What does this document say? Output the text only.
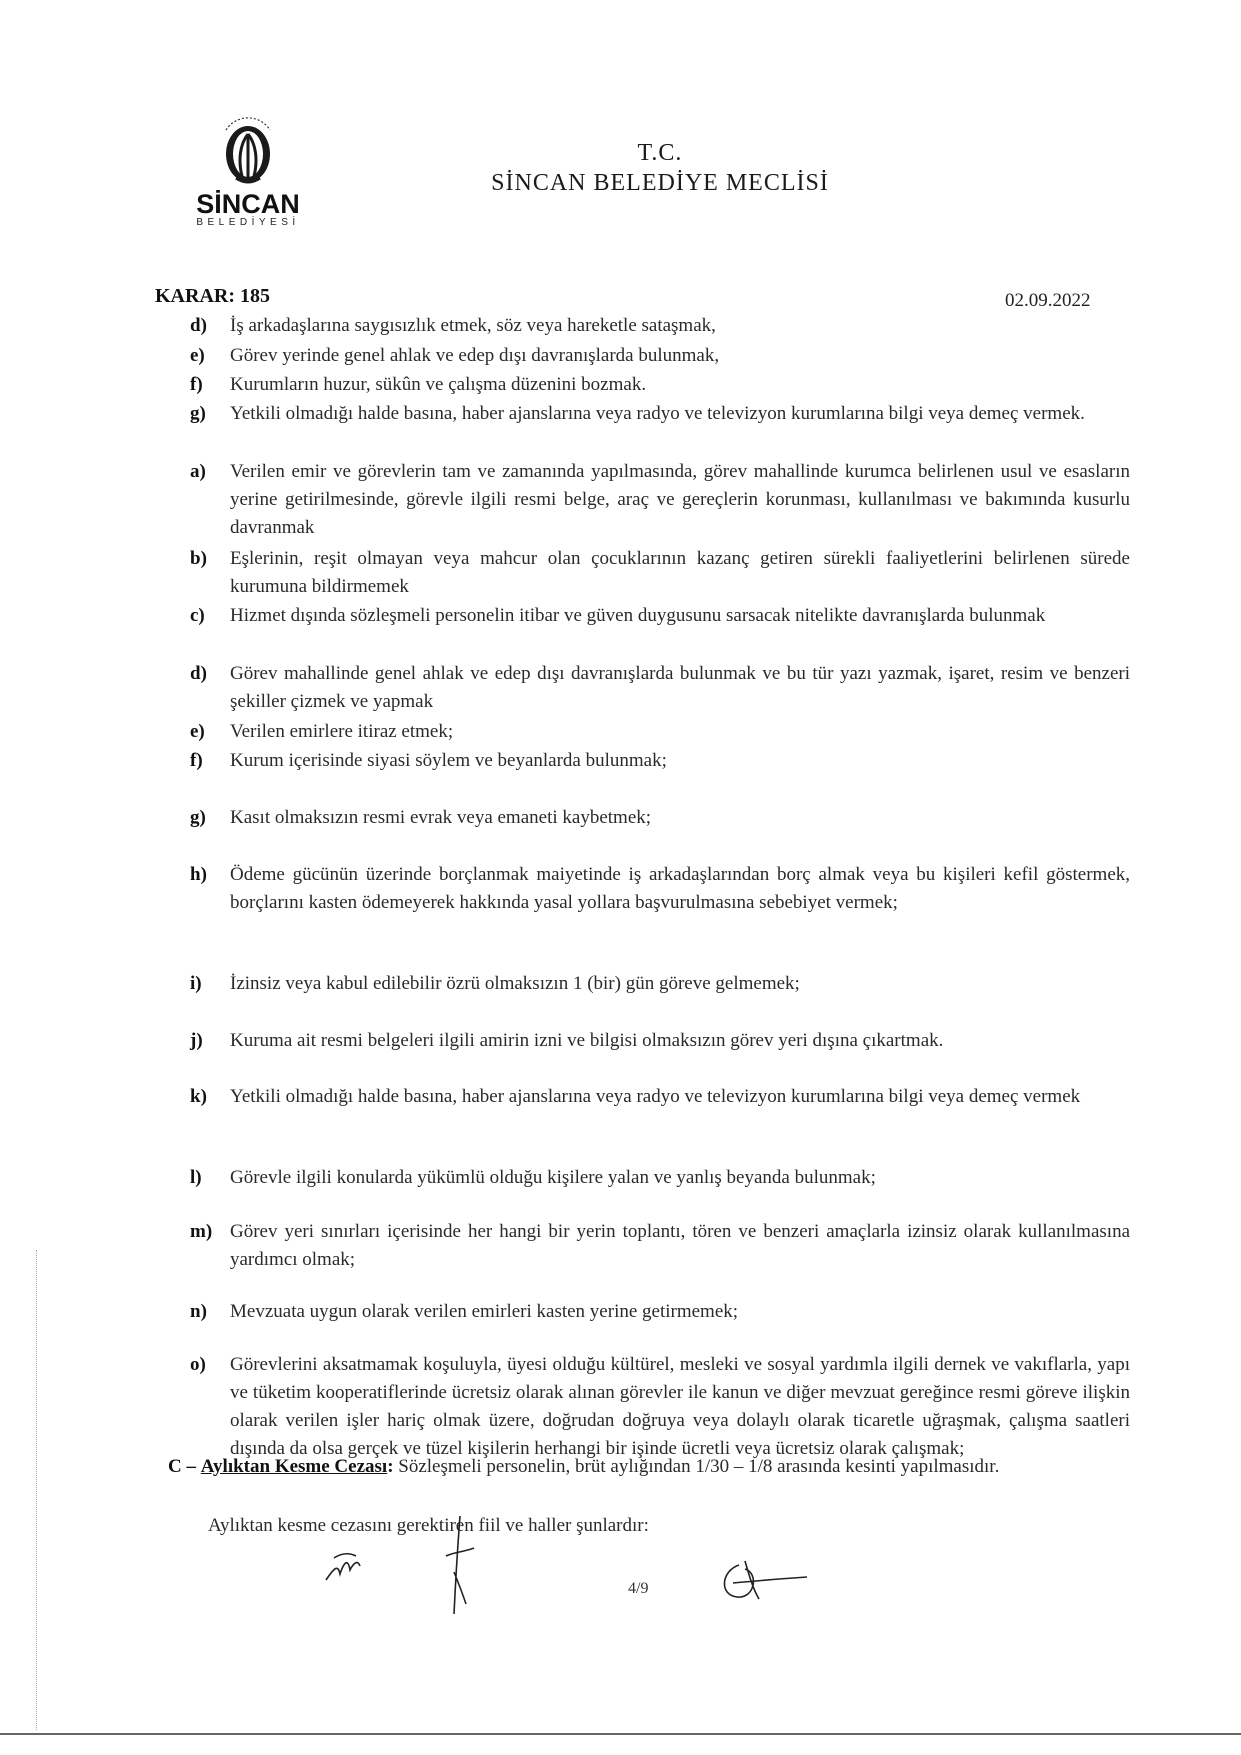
SİNCAN
BELEDİYESİ
T.C.
SİNCAN BELEDİYE MECLİSİ
KARAR: 185	02.09.2022
d)	İş arkadaşlarına saygısızlık etmek, söz veya hareketle sataşmak,
e)	Görev yerinde genel ahlak ve edep dışı davranışlarda bulunmak,
f)	Kurumların huzur, sükûn ve çalışma düzenini bozmak.
g)	Yetkili olmadığı halde basına, haber ajanslarına veya radyo ve televizyon kurumlarına bilgi veya demeç vermek.
a)	Verilen emir ve görevlerin tam ve zamanında yapılmasında, görev mahallinde kurumca belirlenen usul ve esasların yerine getirilmesinde, görevle ilgili resmi belge, araç ve gereçlerin korunması, kullanılması ve bakımında kusurlu davranmak
b)	Eşlerinin, reşit olmayan veya mahcur olan çocuklarının kazanç getiren sürekli faaliyetlerini belirlenen sürede kurumuna bildirmemek
c)	Hizmet dışında sözleşmeli personelin itibar ve güven duygusunu sarsacak nitelikte davranışlarda bulunmak
d)	Görev mahallinde genel ahlak ve edep dışı davranışlarda bulunmak ve bu tür yazı yazmak, işaret, resim ve benzeri şekiller çizmek ve yapmak
e)	Verilen emirlere itiraz etmek;
f)	Kurum içerisinde siyasi söylem ve beyanlarda bulunmak;
g)	Kasıt olmaksızın resmi evrak veya emaneti kaybetmek;
h)	Ödeme gücünün üzerinde borçlanmak maiyetinde iş arkadaşlarından borç almak veya bu kişileri kefil göstermek, borçlarını kasten ödemeyerek hakkında yasal yollara başvurulmasına sebebiyet vermek;
i)	İzinsiz veya kabul edilebilir özrü olmaksızın 1 (bir) gün göreve gelmemek;
j)	Kuruma ait resmi belgeleri ilgili amirin izni ve bilgisi olmaksızın görev yeri dışına çıkartmak.
k)	Yetkili olmadığı halde basına, haber ajanslarına veya radyo ve televizyon kurumlarına bilgi veya demeç vermek
l)	Görevle ilgili konularda yükümlü olduğu kişilere yalan ve yanlış beyanda bulunmak;
m) Görev yeri sınırları içerisinde her hangi bir yerin toplantı, tören ve benzeri amaçlarla izinsiz olarak kullanılmasına yardımcı olmak;
n)	Mevzuata uygun olarak verilen emirleri kasten yerine getirmemek;
o)	Görevlerini aksatmamak koşuluyla, üyesi olduğu kültürel, mesleki ve sosyal yardımla ilgili dernek ve vakıflarla, yapı ve tüketim kooperatiflerinde ücretsiz olarak alınan görevler ile kanun ve diğer mevzuat gereğince resmi göreve ilişkin olarak verilen işler hariç olmak üzere, doğrudan doğruya veya dolaylı olarak ticaretle uğraşmak, çalışma saatleri dışında da olsa gerçek ve tüzel kişilerin herhangi bir işinde ücretli veya ücretsiz olarak çalışmak;
C – Aylıktan Kesme Cezası: Sözleşmeli personelin, brüt aylığından 1/30 – 1/8 arasında kesinti yapılmasıdır.
Aylıktan kesme cezasını gerektiren fiil ve haller şunlardır:
4/9
